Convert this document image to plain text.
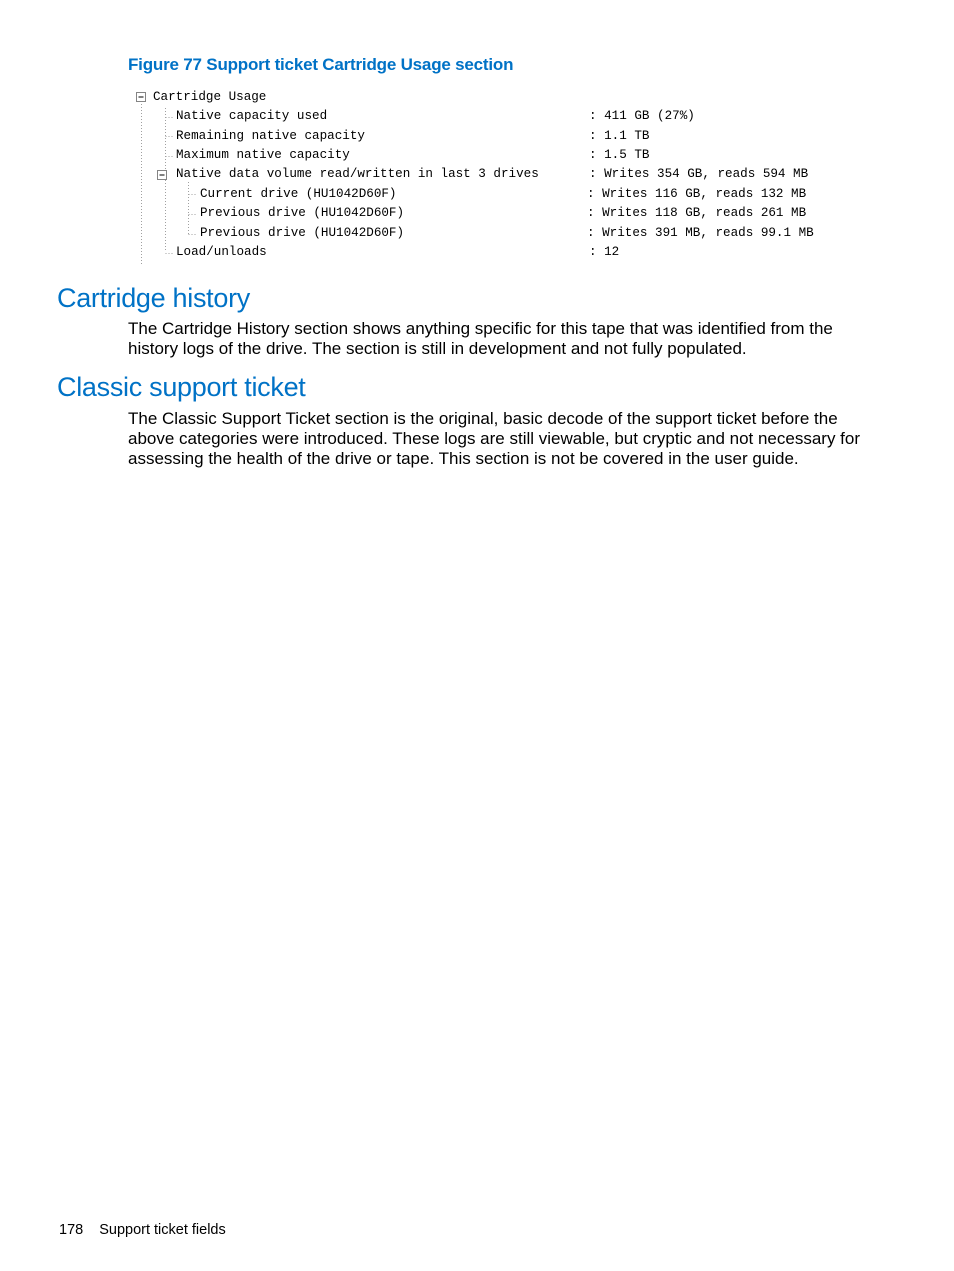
Figure 77 Support ticket Cartridge Usage section
Cartridge Usage
Native capacity used	: 411 GB (27%)
Remaining native capacity	: 1.1 TB
Maximum native capacity	: 1.5 TB
Native data volume read/written in last 3 drives	: Writes 354 GB, reads 594 MB
Current drive (HU1042D60F)	: Writes 116 GB, reads 132 MB
Previous drive (HU1042D60F)	: Writes 118 GB, reads 261 MB
Previous drive (HU1042D60F)	: Writes 391 MB, reads 99.1 MB
Load/unloads	: 12
Cartridge history
The Cartridge History section shows anything specific for this tape that was identified from the
history logs of the drive. The section is still in development and not fully populated.
Classic support ticket
The Classic Support Ticket section is the original, basic decode of the support ticket before the
above categories were introduced. These logs are still viewable, but cryptic and not necessary for
assessing the health of the drive or tape. This section is not be covered in the user guide.
178 Support ticket fields
